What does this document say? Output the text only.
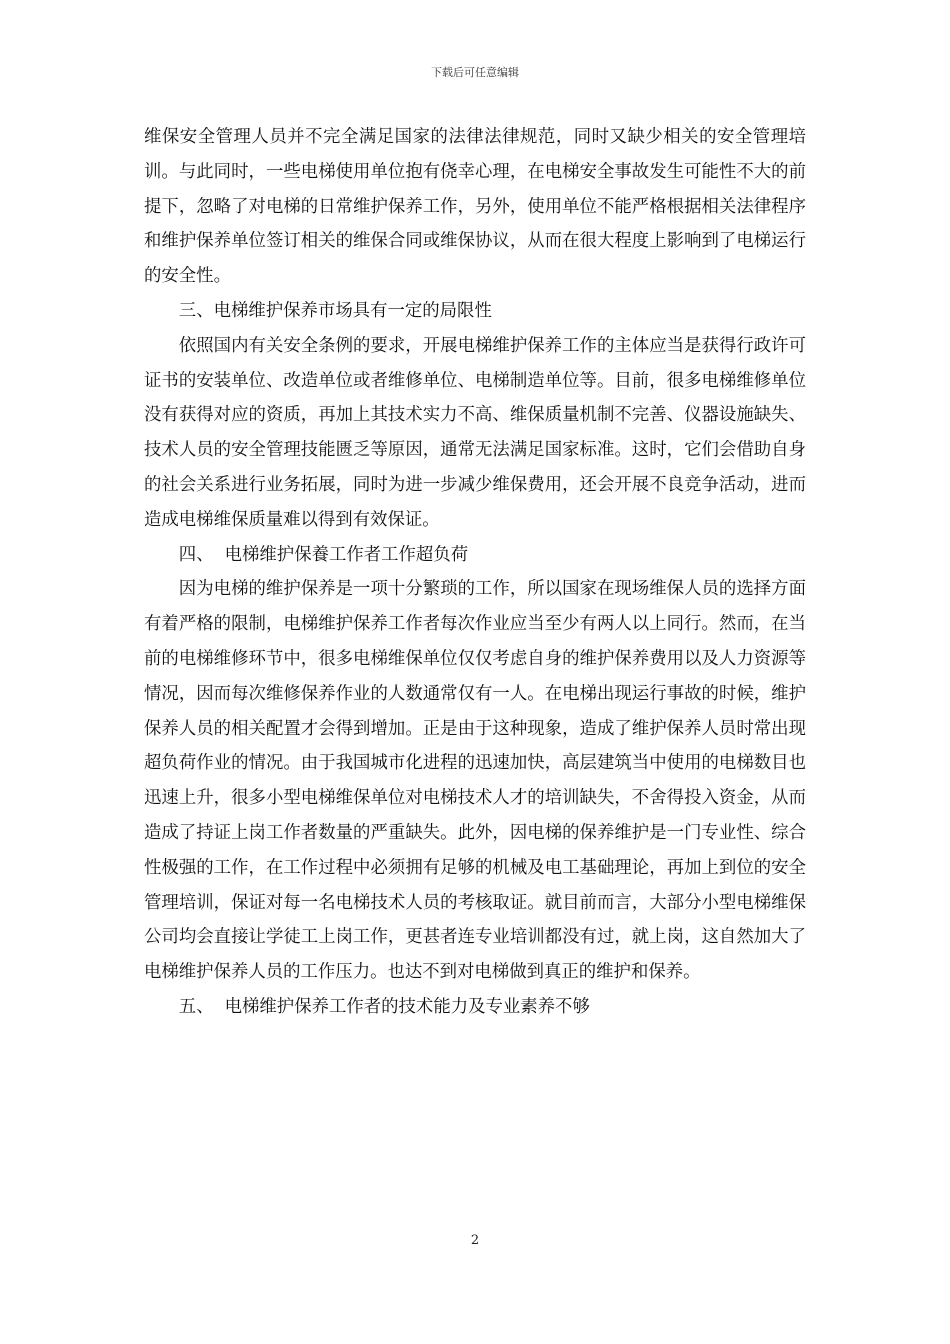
下载后可任意编辑

维保安全管理人员并不完全满足国家的法律法律规范，同时又缺少相关的安全管理培训。与此同时，一些电梯使用单位抱有侥幸心理，在电梯安全事故发生可能性不大的前提下，忽略了对电梯的日常维护保养工作，另外，使用单位不能严格根据相关法律程序和维护保养单位签订相关的维保合同或维保协议，从而在很大程度上影响到了电梯运行的安全性。

三、电梯维护保养市场具有一定的局限性

依照国内有关安全条例的要求，开展电梯维护保养工作的主体应当是获得行政许可证书的安装单位、改造单位或者维修单位、电梯制造单位等。目前，很多电梯维修单位没有获得对应的资质，再加上其技术实力不高、维保质量机制不完善、仪器设施缺失、技术人员的安全管理技能匮乏等原因，通常无法满足国家标准。这时，它们会借助自身的社会关系进行业务拓展，同时为进一步减少维保费用，还会开展不良竞争活动，进而造成电梯维保质量难以得到有效保证。

四、  电梯维护保養工作者工作超负荷

因为电梯的维护保养是一项十分繁琐的工作，所以国家在现场维保人员的选择方面有着严格的限制，电梯维护保养工作者每次作业应当至少有两人以上同行。然而，在当前的电梯维修环节中，很多电梯维保单位仅仅考虑自身的维护保养费用以及人力资源等情况，因而每次维修保养作业的人数通常仅有一人。在电梯出现运行事故的时候，维护保养人员的相关配置才会得到增加。正是由于这种现象，造成了维护保养人员时常出现超负荷作业的情况。由于我国城市化进程的迅速加快，高层建筑当中使用的电梯数目也迅速上升，很多小型电梯维保单位对电梯技术人才的培训缺失，不舍得投入资金，从而造成了持证上岗工作者数量的严重缺失。此外，因电梯的保养维护是一门专业性、综合性极强的工作，在工作过程中必须拥有足够的机械及电工基础理论，再加上到位的安全管理培训，保证对每一名电梯技术人员的考核取证。就目前而言，大部分小型电梯维保公司均会直接让学徒工上岗工作，更甚者连专业培训都没有过，就上岗，这自然加大了电梯维护保养人员的工作压力。也达不到对电梯做到真正的维护和保养。

五、  电梯维护保养工作者的技术能力及专业素养不够

2
